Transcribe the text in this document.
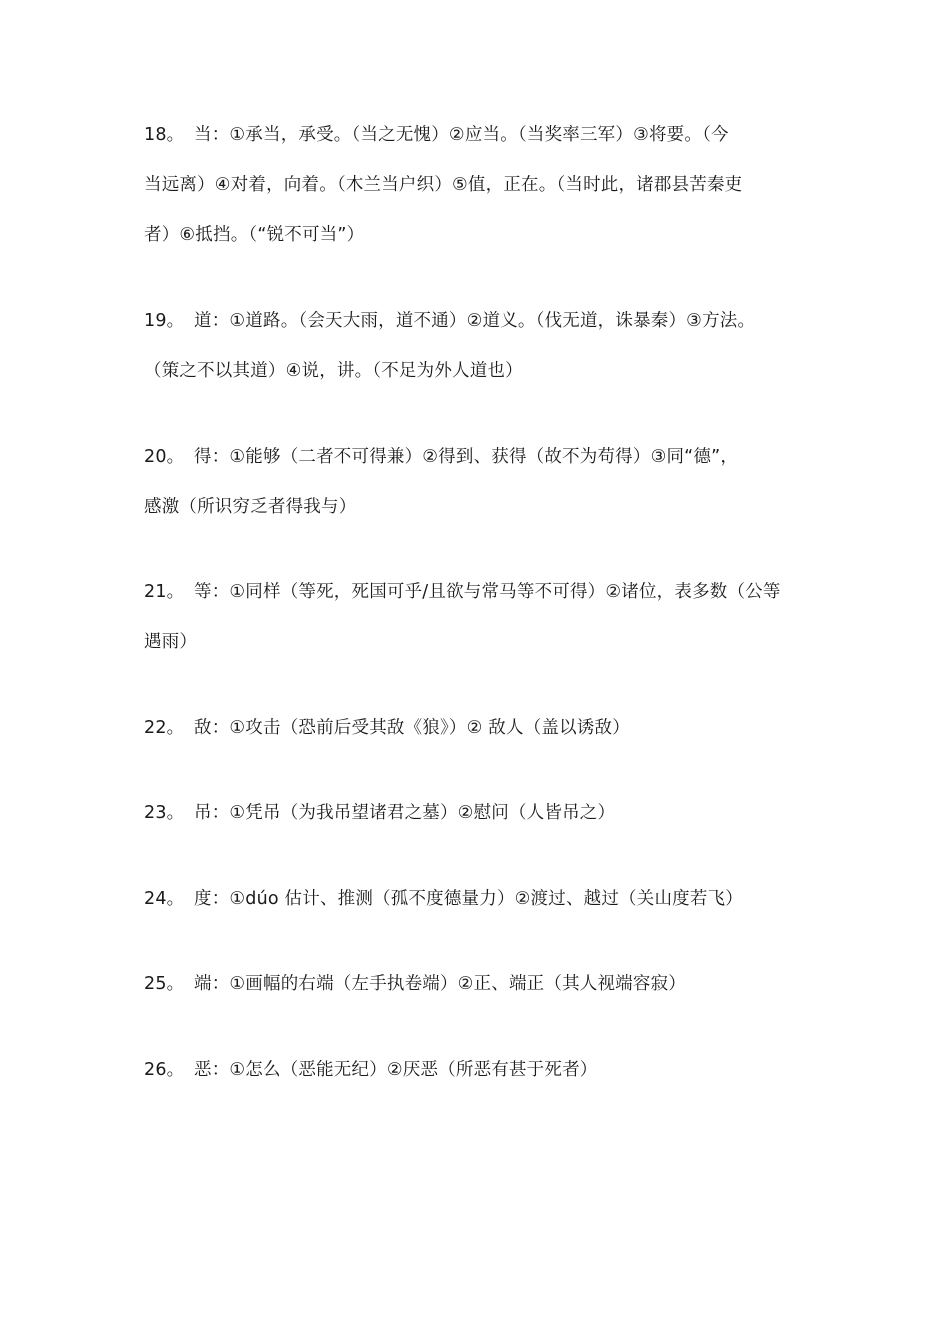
18。 当：①承当，承受。（当之无愧）②应当。（当奖率三军）③将要。（今
当远离）④对着，向着。（木兰当户织）⑤值，正在。（当时此，诸郡县苦秦吏
者）⑥抵挡。（“锐不可当”）
19。 道：①道路。（会天大雨，道不通）②道义。（伐无道，诛暴秦）③方法。
（策之不以其道）④说，讲。（不足为外人道也）
20。 得：①能够（二者不可得兼）②得到、获得（故不为苟得）③同“德”，
感激（所识穷乏者得我与）
21。 等：①同样（等死，死国可乎/且欲与常马等不可得）②诸位，表多数（公等
遇雨）
22。 敌：①攻击（恐前后受其敌《狼》）② 敌人（盖以诱敌）
23。 吊：①凭吊（为我吊望诸君之墓）②慰问（人皆吊之）
24。 度：①dúo 估计、推测（孤不度德量力）②渡过、越过（关山度若飞）
25。 端：①画幅的右端（左手执卷端）②正、端正（其人视端容寂）
26。 恶：①怎么（恶能无纪）②厌恶（所恶有甚于死者）
